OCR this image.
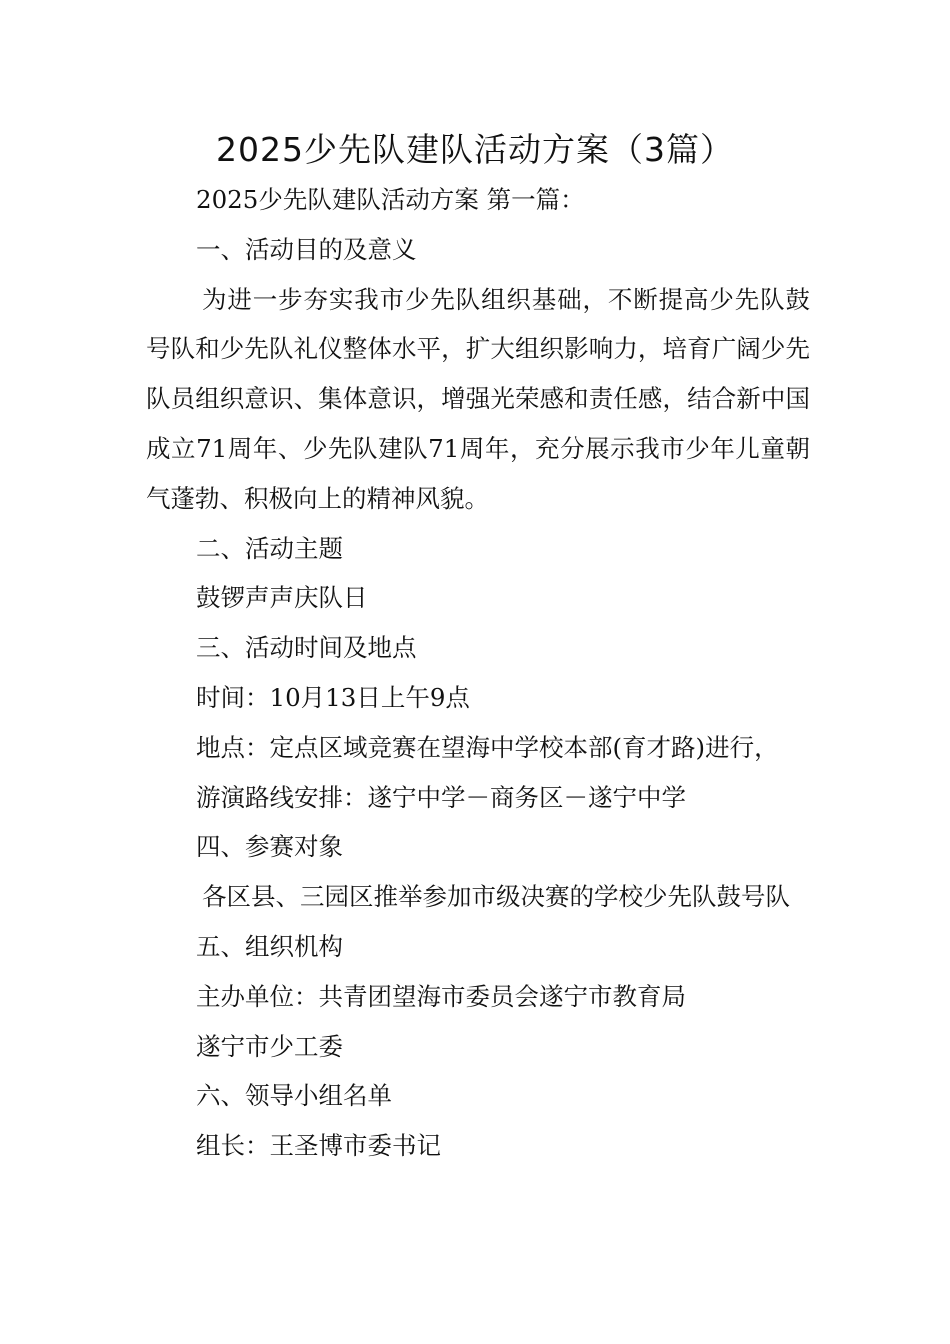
2025少先队建队活动方案（3篇）

2025少先队建队活动方案 第一篇：

一、活动目的及意义

为进一步夯实我市少先队组织基础，不断提高少先队鼓号队和少先队礼仪整体水平，扩大组织影响力，培育广阔少先队员组织意识、集体意识，增强光荣感和责任感，结合新中国成立71周年、少先队建队71周年，充分展示我市少年儿童朝气蓬勃、积极向上的精神风貌。

二、活动主题

鼓锣声声庆队日

三、活动时间及地点

时间：10月13日上午9点

地点：定点区域竞赛在望海中学校本部(育才路)进行，

游演路线安排：遂宁中学－商务区－遂宁中学

四、参赛对象

各区县、三园区推举参加市级决赛的学校少先队鼓号队

五、组织机构

主办单位：共青团望海市委员会遂宁市教育局

遂宁市少工委

六、领导小组名单

组长：王圣博市委书记
